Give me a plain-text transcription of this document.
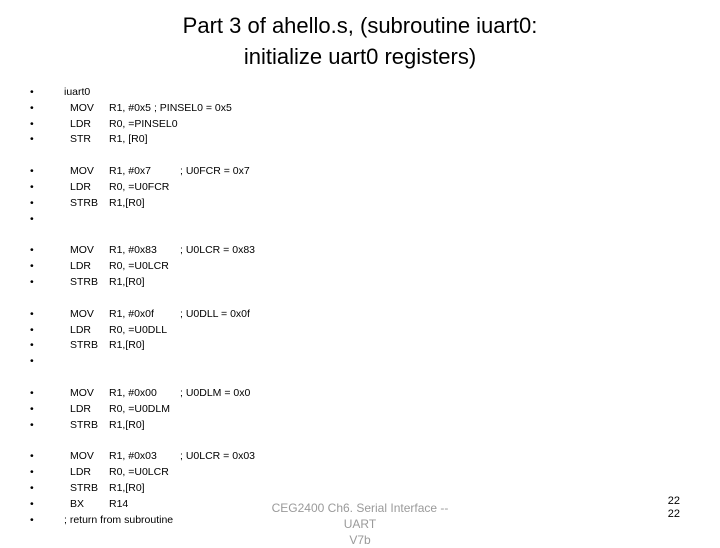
Part 3 of ahello.s, (subroutine iuart0:
initialize uart0 registers)
•	iuart0
•	MOV R1, #0x5 ; PINSEL0 = 0x5
•	LDR R0, =PINSEL0
•	STR R1, [R0]
•	MOV R1, #0x7	; U0FCR = 0x7
•	LDR R0, =U0FCR
•	STRB R1,[R0]
•
•	MOV R1, #0x83 ; U0LCR = 0x83
•	LDR R0, =U0LCR
•	STRB R1,[R0]
•	MOV R1, #0x0f ; U0DLL = 0x0f
•	LDR R0, =U0DLL
•	STRB R1,[R0]
•
•	MOV R1, #0x00 ; U0DLM = 0x0
•	LDR R0, =U0DLM
•	STRB R1,[R0]
•	MOV R1, #0x03 ; U0LCR = 0x03
•	LDR R0, =U0LCR
•	STRB R1,[R0]
•	BX R14
•	; return from subroutine
CEG2400 Ch6. Serial Interface -- UART
V7b
22
22
